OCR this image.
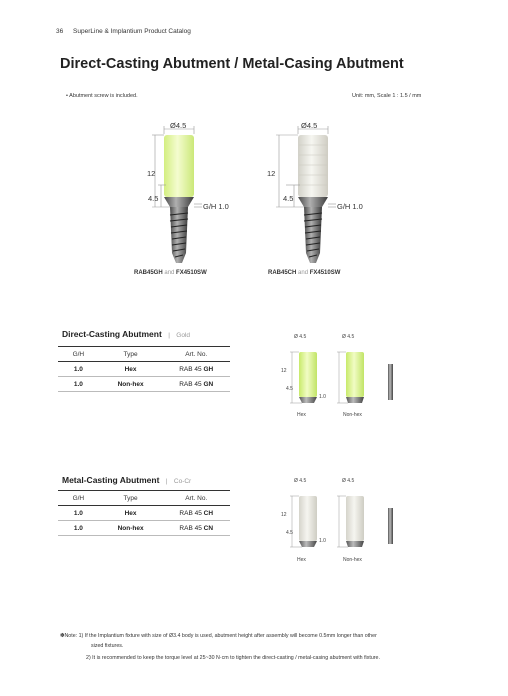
36 SuperLine & Implantium Product Catalog
Direct-Casting Abutment / Metal-Casing Abutment
• Abutment screw is included.	Unit: mm, Scale 1 : 1.5 / mm
Ø4.5
12
4.5
G/H 1.0
RAB45GH and FX4510SW
Ø4.5
12
4.5
G/H 1.0
RAB45CH and FX4510SW
Direct-Casting Abutment | Gold
G/H	Type	Art. No.
1.0	Hex	RAB 45 GH
1.0	Non-hex	RAB 45 GN
Ø 4.5	Ø 4.5
12
4.5
1.0
Hex	Non-hex
Metal-Casting Abutment | Co-Cr
G/H	Type	Art. No.
1.0	Hex	RAB 45 CH
1.0	Non-hex	RAB 45 CN
Ø 4.5	Ø 4.5
12
4.5
1.0
Hex	Non-hex
✽Note: 1) If the Implantium fixture with size of Ø3.4 body is used, abutment height after assembly will become 0.5mm longer than other
sized fixtures.
2) It is recommended to keep the torque level at 25~30 N·cm to tighten the direct-casting / metal-casing abutment with fixture.
